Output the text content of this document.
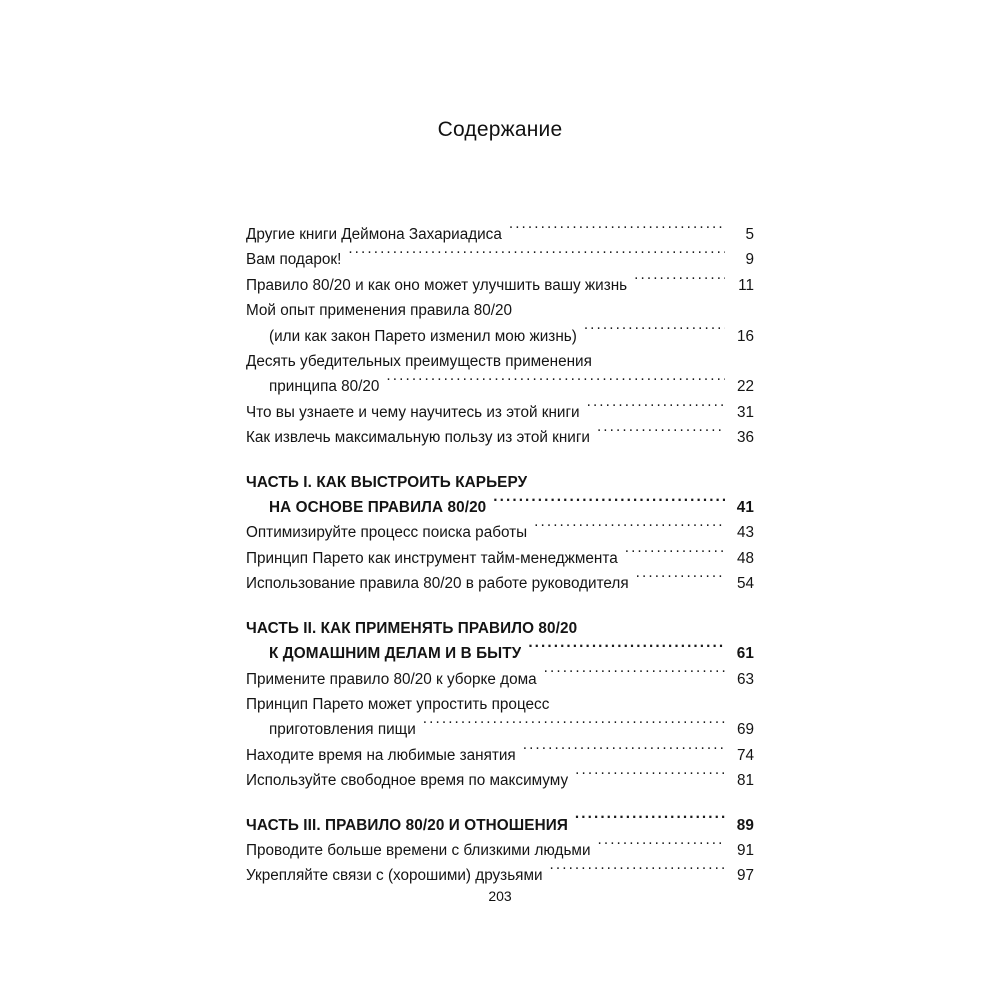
Содержание
Другие книги Деймона Захариадиса .....	5
Вам подарок! .....	9
Правило 80/20 и как оно может улучшить вашу жизнь .....	11
Мой опыт применения правила 80/20
(или как закон Парето изменил мою жизнь) .....	16
Десять убедительных преимуществ применения
принципа 80/20 .....	22
Что вы узнаете и чему научитесь из этой книги .....	31
Как извлечь максимальную пользу из этой книги .....	36
ЧАСТЬ I. КАК ВЫСТРОИТЬ КАРЬЕРУ
НА ОСНОВЕ ПРАВИЛА 80/20 .....	41
Оптимизируйте процесс поиска работы .....	43
Принцип Парето как инструмент тайм-менеджмента .....	48
Использование правила 80/20 в работе руководителя .....	54
ЧАСТЬ II. КАК ПРИМЕНЯТЬ ПРАВИЛО 80/20
К ДОМАШНИМ ДЕЛАМ И В БЫТУ .....	61
Примените правило 80/20 к уборке дома .....	63
Принцип Парето может упростить процесс
приготовления пищи .....	69
Находите время на любимые занятия .....	74
Используйте свободное время по максимуму .....	81
ЧАСТЬ III. ПРАВИЛО 80/20 И ОТНОШЕНИЯ .....	89
Проводите больше времени с близкими людьми .....	91
Укрепляйте связи с (хорошими) друзьями .....	97
203
